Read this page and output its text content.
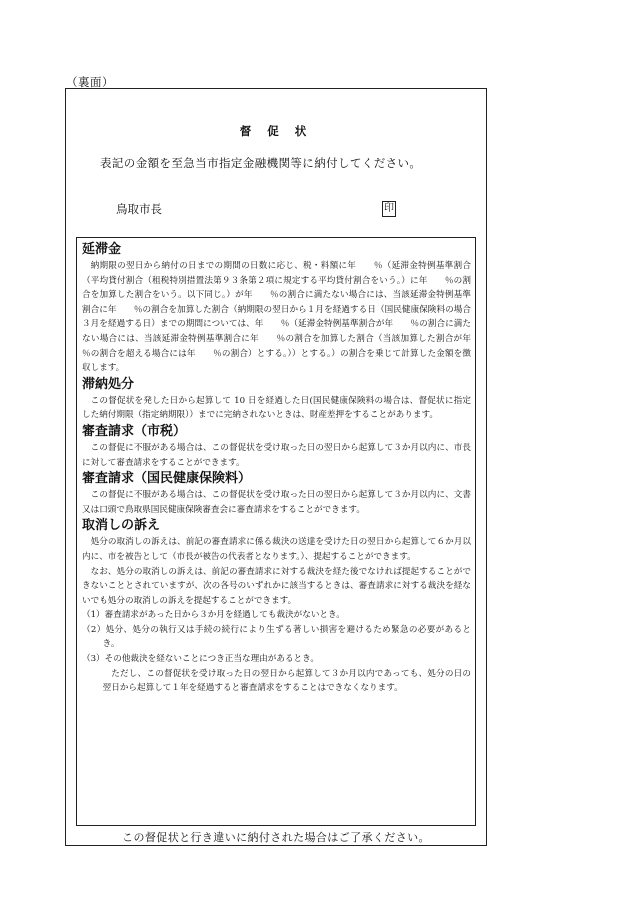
（裏面）
督 促 状
表記の金額を至急当市指定金融機関等に納付してください。
鳥取市長	印

延滞金

納期限の翌日から納付の日までの期間の日数に応じ、税・料額に年　　％（延滞金特例基準割合（平均貸付割合（租税特別措置法第９３条第２項に規定する平均貸付割合をいう。）に年　　％の割合を加算した割合をいう。以下同じ。）が年　　％の割合に満たない場合には、当該延滞金特例基準割合に年　　％の割合を加算した割合（納期限の翌日から１月を経過する日（国民健康保険料の場合３月を経過する日）までの期間については、年　　％（延滞金特例基準割合が年　　％の割合に満たない場合には、当該延滞金特例基準割合に年　　％の割合を加算した割合（当該加算した割合が年　　％の割合を超える場合には年　　％の割合）とする。））とする。）の割合を乗じて計算した金額を徴収します。

滞納処分

この督促状を発した日から起算して 10 日を経過した日(国民健康保険料の場合は、督促状に指定した納付期限（指定納期限））までに完納されないときは、財産差押をすることがあります。

審査請求（市税）

この督促に不服がある場合は、この督促状を受け取った日の翌日から起算して３か月以内に、市長に対して審査請求をすることができます。

審査請求（国民健康保険料）

この督促に不服がある場合は、この督促状を受け取った日の翌日から起算して３か月以内に、文書又は口頭で鳥取県国民健康保険審査会に審査請求をすることができます。

取消しの訴え

処分の取消しの訴えは、前記の審査請求に係る裁決の送達を受けた日の翌日から起算して６か月以内に、市を被告として（市長が被告の代表者となります。）、提起することができます。

なお、処分の取消しの訴えは、前記の審査請求に対する裁決を経た後でなければ提起することができないこととされていますが、次の各号のいずれかに該当するときは、審査請求に対する裁決を経ないでも処分の取消しの訴えを提起することができます。

（1）審査請求があった日から３か月を経過しても裁決がないとき。

（2）処分、処分の執行又は手続の続行により生ずる著しい損害を避けるため緊急の必要があるとき。

（3）その他裁決を経ないことにつき正当な理由があるとき。

ただし、この督促状を受け取った日の翌日から起算して３か月以内であっても、処分の日の翌日から起算して１年を経過すると審査請求をすることはできなくなります。

この督促状と行き違いに納付された場合はご了承ください。
